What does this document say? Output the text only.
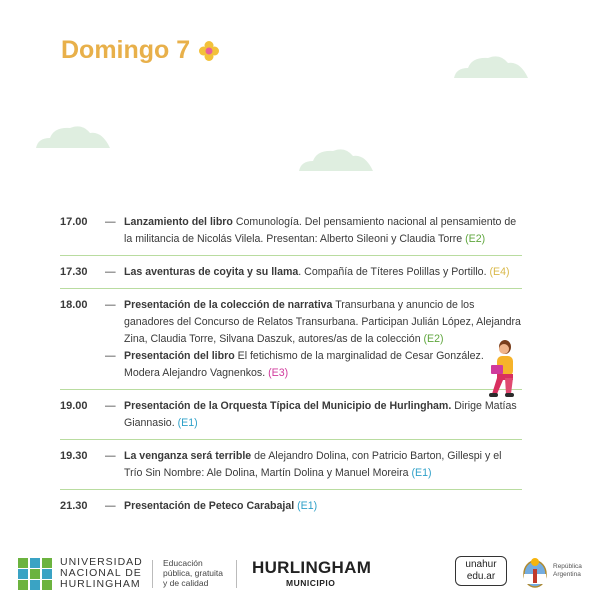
Domingo 7
17.00	— Lanzamiento del libro Comunología. Del pensamiento nacional al pensamiento de la militancia de Nicolás Vilela. Presentan: Alberto Sileoni y Claudia Torre (E2)
17.30	— Las aventuras de coyita y su llama. Compañía de Títeres Polillas y Portillo. (E4)
18.00	— Presentación de la colección de narrativa Transurbana y anuncio de los ganadores del Concurso de Relatos Transurbana. Participan Julián López, Alejandra Zina, Claudia Torre, Silvana Daszuk, autores/as de la colección (E2)
— Presentación del libro El fetichismo de la marginalidad de Cesar González. Modera Alejandro Vagnenkos. (E3)
19.00	— Presentación de la Orquesta Típica del Municipio de Hurlingham. Dirige Matías Giannasio. (E1)
19.30	— La venganza será terrible de Alejandro Dolina, con Patricio Barton, Gillespi y el Trío Sin Nombre: Ale Dolina, Martín Dolina y Manuel Moreira (E1)
21.30	— Presentación de Peteco Carabajal (E1)
UNIVERSIDAD
NACIONAL DE
HURLINGHAM
Educación
pública, gratuita
y de calidad
HURLINGHAM
MUNICIPIO
unahur
edu.ar
República
Argentina
